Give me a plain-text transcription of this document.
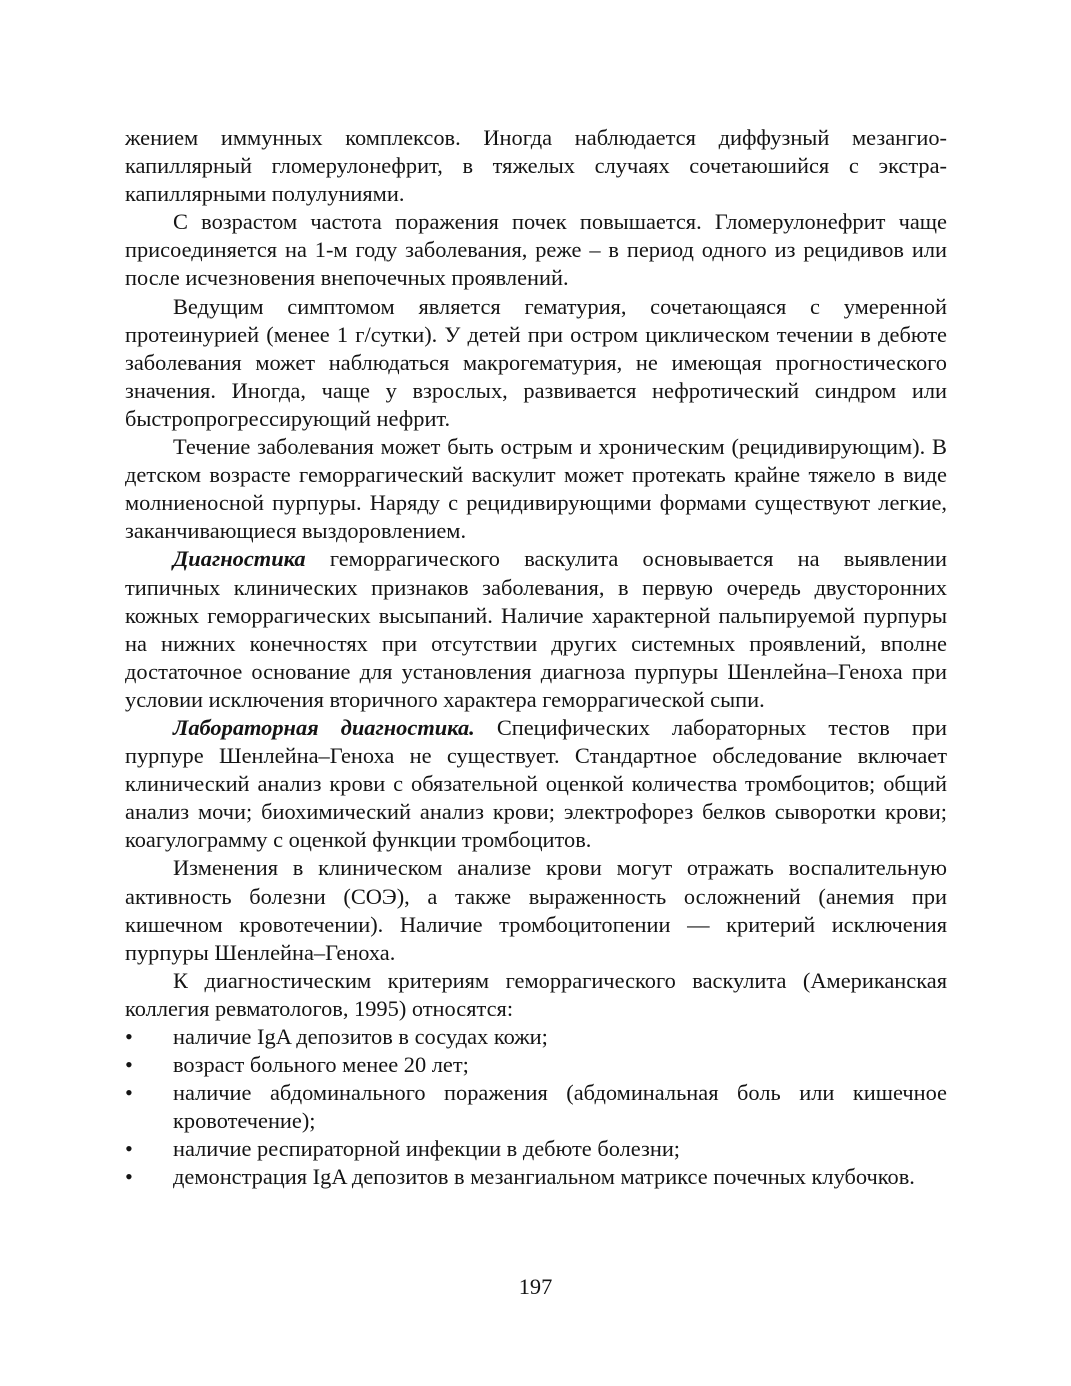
жением иммунных комплексов. Иногда наблюдается диффузный мезангиокапиллярный гломерулонефрит, в тяжелых случаях сочетаюшийся с экстракапиллярными полулуниями.

С возрастом частота поражения почек повышается. Гломерулонефрит чаще присоединяется на 1-м году заболевания, реже – в период одного из рецидивов или после исчезновения внепочечных проявлений.

Ведущим симптомом является гематурия, сочетающаяся с умеренной протеинурией (менее 1 г/сутки). У детей при остром циклическом течении в дебюте заболевания может наблюдаться макрогематурия, не имеющая прогностического значения. Иногда, чаще у взрослых, развивается нефротический синдром или быстропрогрессирующий нефрит.

Течение заболевания может быть острым и хроническим (рецидивирующим). В детском возрасте геморрагический васкулит может протекать крайне тяжело в виде молниеносной пурпуры. Наряду с рецидивирующими формами существуют легкие, заканчивающиеся выздоровлением.

Диагностика геморрагического васкулита основывается на выявлении типичных клинических признаков заболевания, в первую очередь двусторонних кожных геморрагических высыпаний. Наличие характерной пальпируемой пурпуры на нижних конечностях при отсутствии других системных проявлений, вполне достаточное основание для установления диагноза пурпуры Шенлейна–Геноха при условии исключения вторичного характера геморрагической сыпи.

Лабораторная диагностика. Специфических лабораторных тестов при пурпуре Шенлейна–Геноха не существует. Стандартное обследование включает клинический анализ крови с обязательной оценкой количества тромбоцитов; общий анализ мочи; биохимический анализ крови; электрофорез белков сыворотки крови; коагулограмму с оценкой функции тромбоцитов.

Изменения в клиническом анализе крови могут отражать воспалительную активность болезни (СОЭ), а также выраженность осложнений (анемия при кишечном кровотечении). Наличие тромбоцитопении — критерий исключения пурпуры Шенлейна–Геноха.

К диагностическим критериям геморрагического васкулита (Американская коллегия ревматологов, 1995) относятся:

• наличие IgA депозитов в сосудах кожи;
• возраст больного менее 20 лет;
• наличие абдоминального поражения (абдоминальная боль или кишечное кровотечение);
• наличие респираторной инфекции в дебюте болезни;
• демонстрация IgA депозитов в мезангиальном матриксе почечных клубочков.
197
